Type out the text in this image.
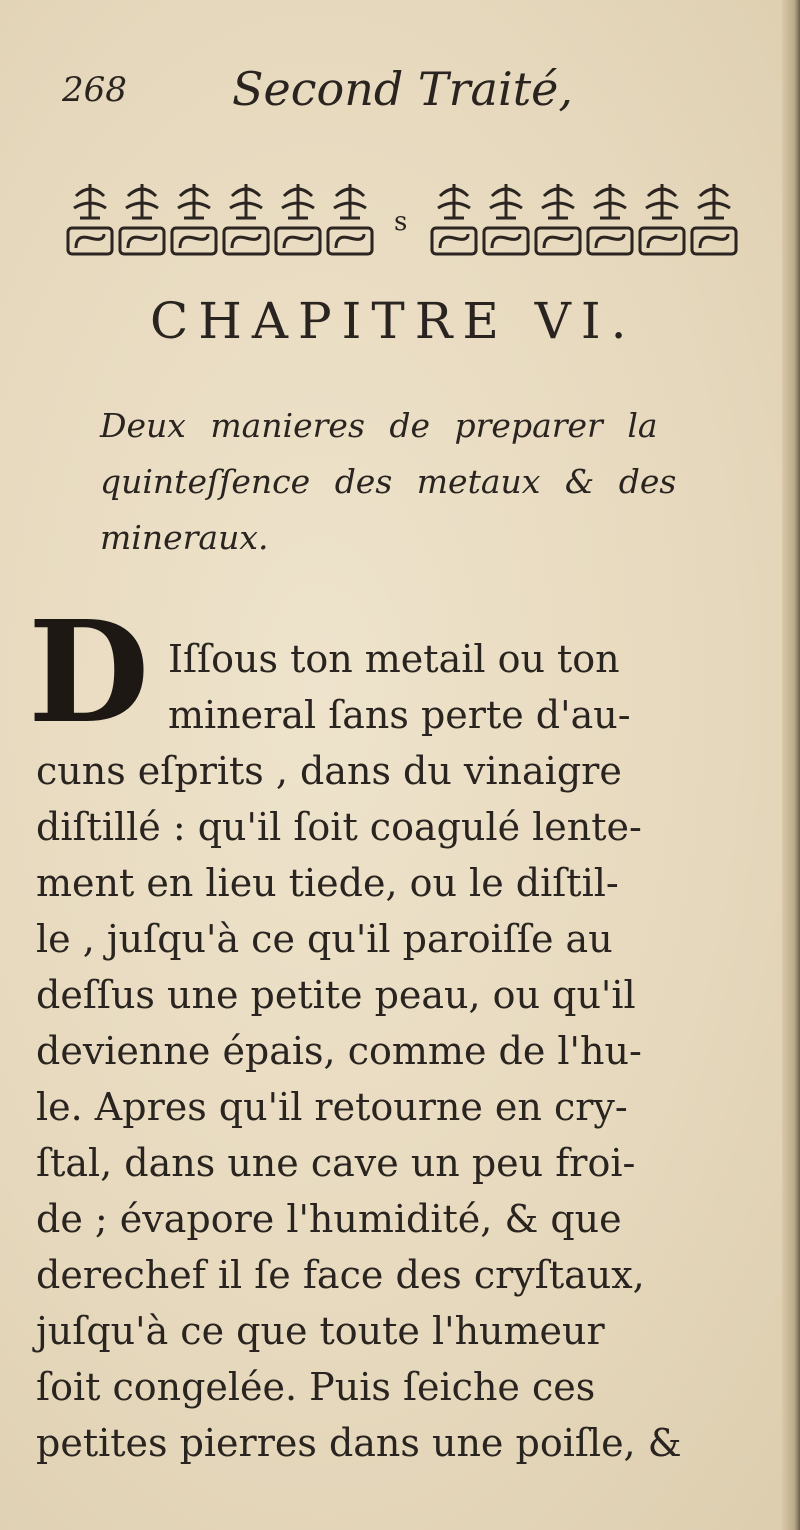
268 Second Traité,
s
CHAPITRE VI.
Deux manieres de preparer la
quinteſſence des metaux & des
mineraux.
D Iſſous ton metail ou ton
mineral ſans perte d'au-
cuns eſprits , dans du vinaigre
diſtillé : qu'il ſoit coagulé lente-
ment en lieu tiede, ou le diſtil-
le , juſqu'à ce qu'il paroiſſe au
deſſus une petite peau, ou qu'il
devienne épais, comme de l'hu-
le. Apres qu'il retourne en cry-
ſtal, dans une cave un peu froi-
de ; évapore l'humidité, & que
derechef il ſe face des cryſtaux,
juſqu'à ce que toute l'humeur
ſoit congelée. Puis ſeiche ces
petites pierres dans une poiſle, &
